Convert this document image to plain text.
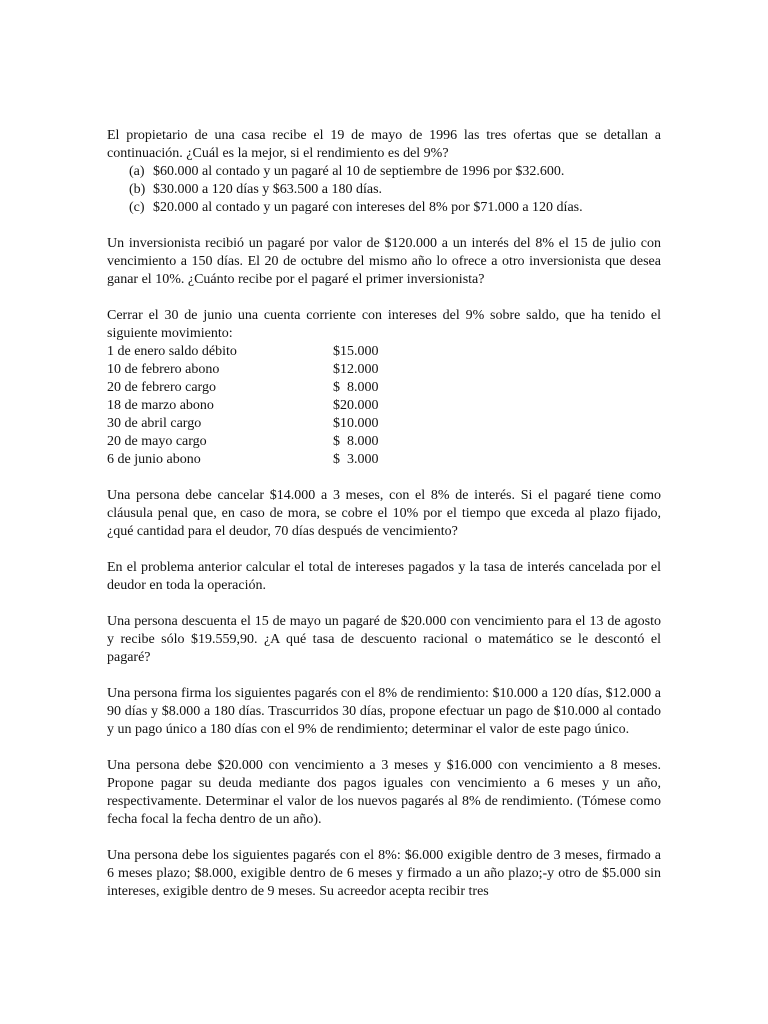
El propietario de una casa recibe el 19 de mayo de 1996 las tres ofertas que se detallan a continuación. ¿Cuál es la mejor, si el rendimiento es del 9%?

(a) $60.000 al contado y un pagaré al 10 de septiembre de 1996 por $32.600.
(b) $30.000 a 120 días y $63.500 a 180 días.
(c) $20.000 al contado y un pagaré con intereses del 8% por $71.000 a 120 días.

Un inversionista recibió un pagaré por valor de $120.000 a un interés del 8% el 15 de julio con vencimiento a 150 días. El 20 de octubre del mismo año lo ofrece a otro inversionista que desea ganar el 10%. ¿Cuánto recibe por el pagaré el primer inversionista?

Cerrar el 30 de junio una cuenta corriente con intereses del 9% sobre saldo, que ha tenido el siguiente movimiento:

1 de enero saldo débito	$15.000
10 de febrero abono	$12.000
20 de febrero cargo	$  8.000
18 de marzo abono	$20.000
30 de abril cargo	$10.000
20 de mayo cargo	$  8.000
6 de junio abono	$  3.000

Una persona debe cancelar $14.000 a 3 meses, con el 8% de interés. Si el pagaré tiene como cláusula penal que, en caso de mora, se cobre el 10% por el tiempo que exceda al plazo fijado, ¿qué cantidad para el deudor, 70 días después de vencimiento?

En el problema anterior calcular el total de intereses pagados y la tasa de interés cancelada por el deudor en toda la operación.

Una persona descuenta el 15 de mayo un pagaré de $20.000 con vencimiento para el 13 de agosto y recibe sólo $19.559,90. ¿A qué tasa de descuento racional o matemático se le descontó el pagaré?

Una persona firma los siguientes pagarés con el 8% de rendimiento: $10.000 a 120 días, $12.000 a 90 días y $8.000 a 180 días. Trascurridos 30 días, propone efectuar un pago de $10.000 al contado y un pago único a 180 días con el 9% de rendimiento; determinar el valor de este pago único.

Una persona debe $20.000 con vencimiento a 3 meses y $16.000 con vencimiento a 8 meses. Propone pagar su deuda mediante dos pagos iguales con vencimiento a 6 meses y un año, respectivamente. Determinar el valor de los nuevos pagarés al 8% de rendimiento. (Tómese como fecha focal la fecha dentro de un año).

Una persona debe los siguientes pagarés con el 8%: $6.000 exigible dentro de 3 meses, firmado a 6 meses plazo; $8.000, exigible dentro de 6 meses y firmado a un año plazo;-y otro de $5.000 sin intereses, exigible dentro de 9 meses. Su acreedor acepta recibir tres
